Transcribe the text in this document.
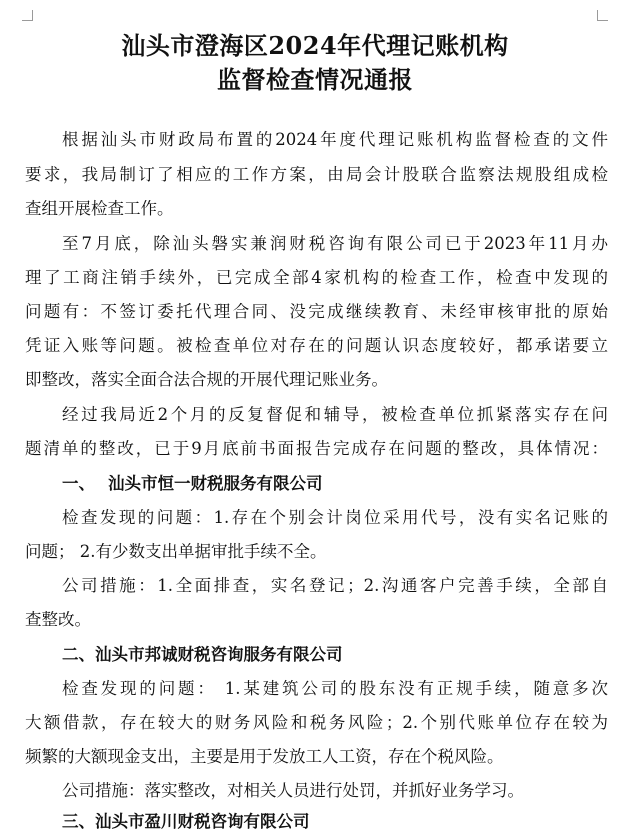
汕头市澄海区2024年代理记账机构
监督检查情况通报
根据汕头市财政局布置的2024年度代理记账机构监督检查的文件
要求，我局制订了相应的工作方案，由局会计股联合监察法规股组成检
查组开展检查工作。
至7月底，除汕头磐实兼润财税咨询有限公司已于2023年11月办
理了工商注销手续外，已完成全部4家机构的检查工作，检查中发现的
问题有：不签订委托代理合同、没完成继续教育、未经审核审批的原始
凭证入账等问题。被检查单位对存在的问题认识态度较好，都承诺要立
即整改，落实全面合法合规的开展代理记账业务。
经过我局近2个月的反复督促和辅导，被检查单位抓紧落实存在问
题清单的整改，已于9月底前书面报告完成存在问题的整改，具体情况：
一、 汕头市恒一财税服务有限公司
检查发现的问题：1.存在个别会计岗位采用代号，没有实名记账的
问题； 2.有少数支出单据审批手续不全。
公司措施：1.全面排查，实名登记；2.沟通客户完善手续，全部自
查整改。
二、汕头市邦诚财税咨询服务有限公司
检查发现的问题： 1.某建筑公司的股东没有正规手续，随意多次
大额借款，存在较大的财务风险和税务风险；2.个别代账单位存在较为
频繁的大额现金支出，主要是用于发放工人工资，存在个税风险。
公司措施：落实整改，对相关人员进行处罚，并抓好业务学习。
三、汕头市盈川财税咨询有限公司
